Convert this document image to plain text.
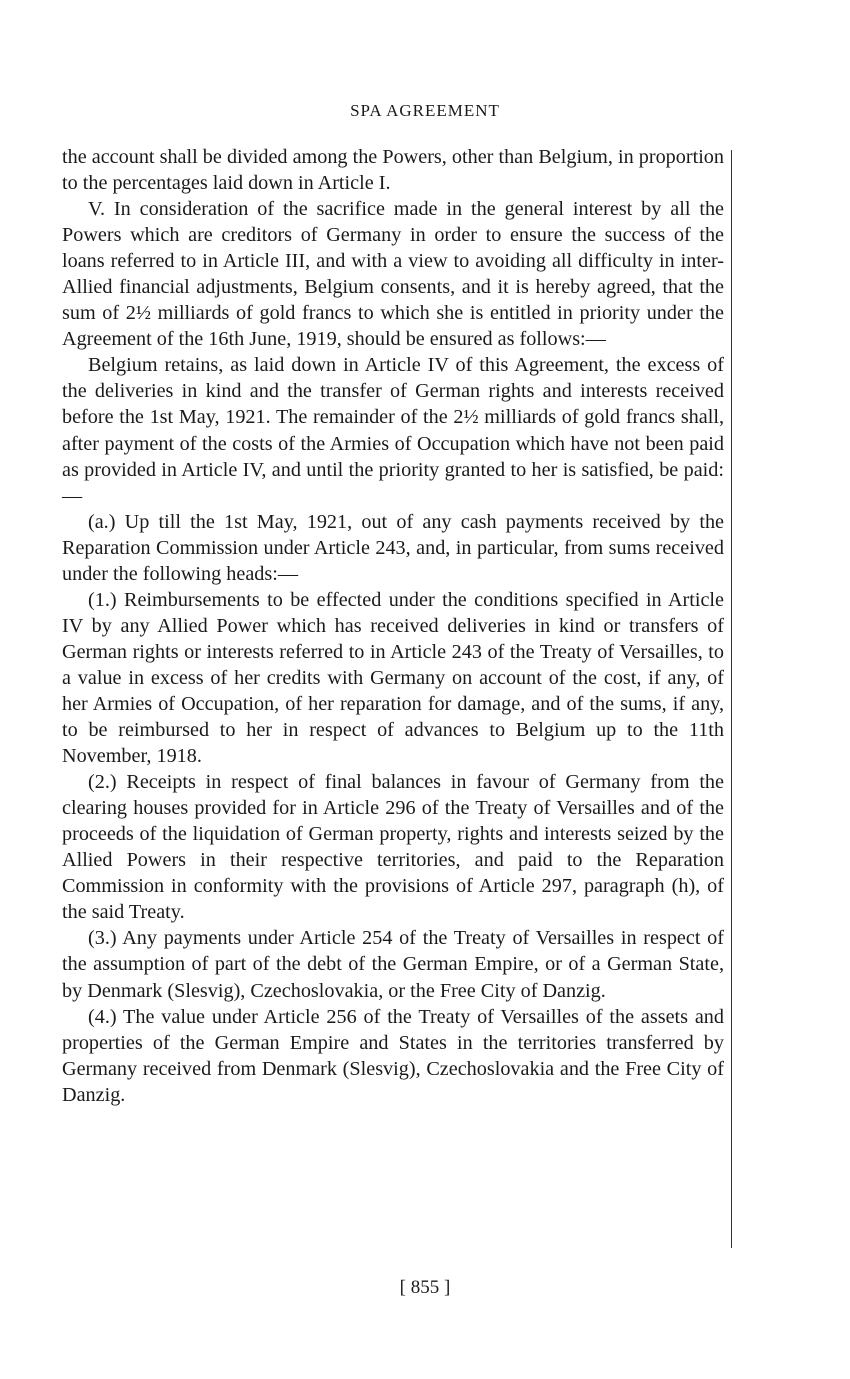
SPA AGREEMENT

the account shall be divided among the Powers, other than Belgium, in proportion to the percentages laid down in Article I.

V. In consideration of the sacrifice made in the general interest by all the Powers which are creditors of Germany in order to ensure the success of the loans referred to in Article III, and with a view to avoiding all difficulty in inter-Allied financial adjustments, Belgium consents, and it is hereby agreed, that the sum of 2½ milliards of gold francs to which she is entitled in priority under the Agreement of the 16th June, 1919, should be ensured as follows:—

Belgium retains, as laid down in Article IV of this Agreement, the excess of the deliveries in kind and the transfer of German rights and interests received before the 1st May, 1921. The remainder of the 2½ milliards of gold francs shall, after payment of the costs of the Armies of Occupation which have not been paid as provided in Article IV, and until the priority granted to her is satisfied, be paid:—

(a.) Up till the 1st May, 1921, out of any cash payments received by the Reparation Commission under Article 243, and, in particular, from sums received under the following heads:—

(1.) Reimbursements to be effected under the conditions specified in Article IV by any Allied Power which has received deliveries in kind or transfers of German rights or interests referred to in Article 243 of the Treaty of Versailles, to a value in excess of her credits with Germany on account of the cost, if any, of her Armies of Occupation, of her reparation for damage, and of the sums, if any, to be reimbursed to her in respect of advances to Belgium up to the 11th November, 1918.

(2.) Receipts in respect of final balances in favour of Germany from the clearing houses provided for in Article 296 of the Treaty of Versailles and of the proceeds of the liquidation of German property, rights and interests seized by the Allied Powers in their respective territories, and paid to the Reparation Commission in conformity with the provisions of Article 297, paragraph (h), of the said Treaty.

(3.) Any payments under Article 254 of the Treaty of Versailles in respect of the assumption of part of the debt of the German Empire, or of a German State, by Denmark (Slesvig), Czechoslovakia, or the Free City of Danzig.

(4.) The value under Article 256 of the Treaty of Versailles of the assets and properties of the German Empire and States in the territories transferred by Germany received from Denmark (Slesvig), Czechoslovakia and the Free City of Danzig.

[ 855 ]
